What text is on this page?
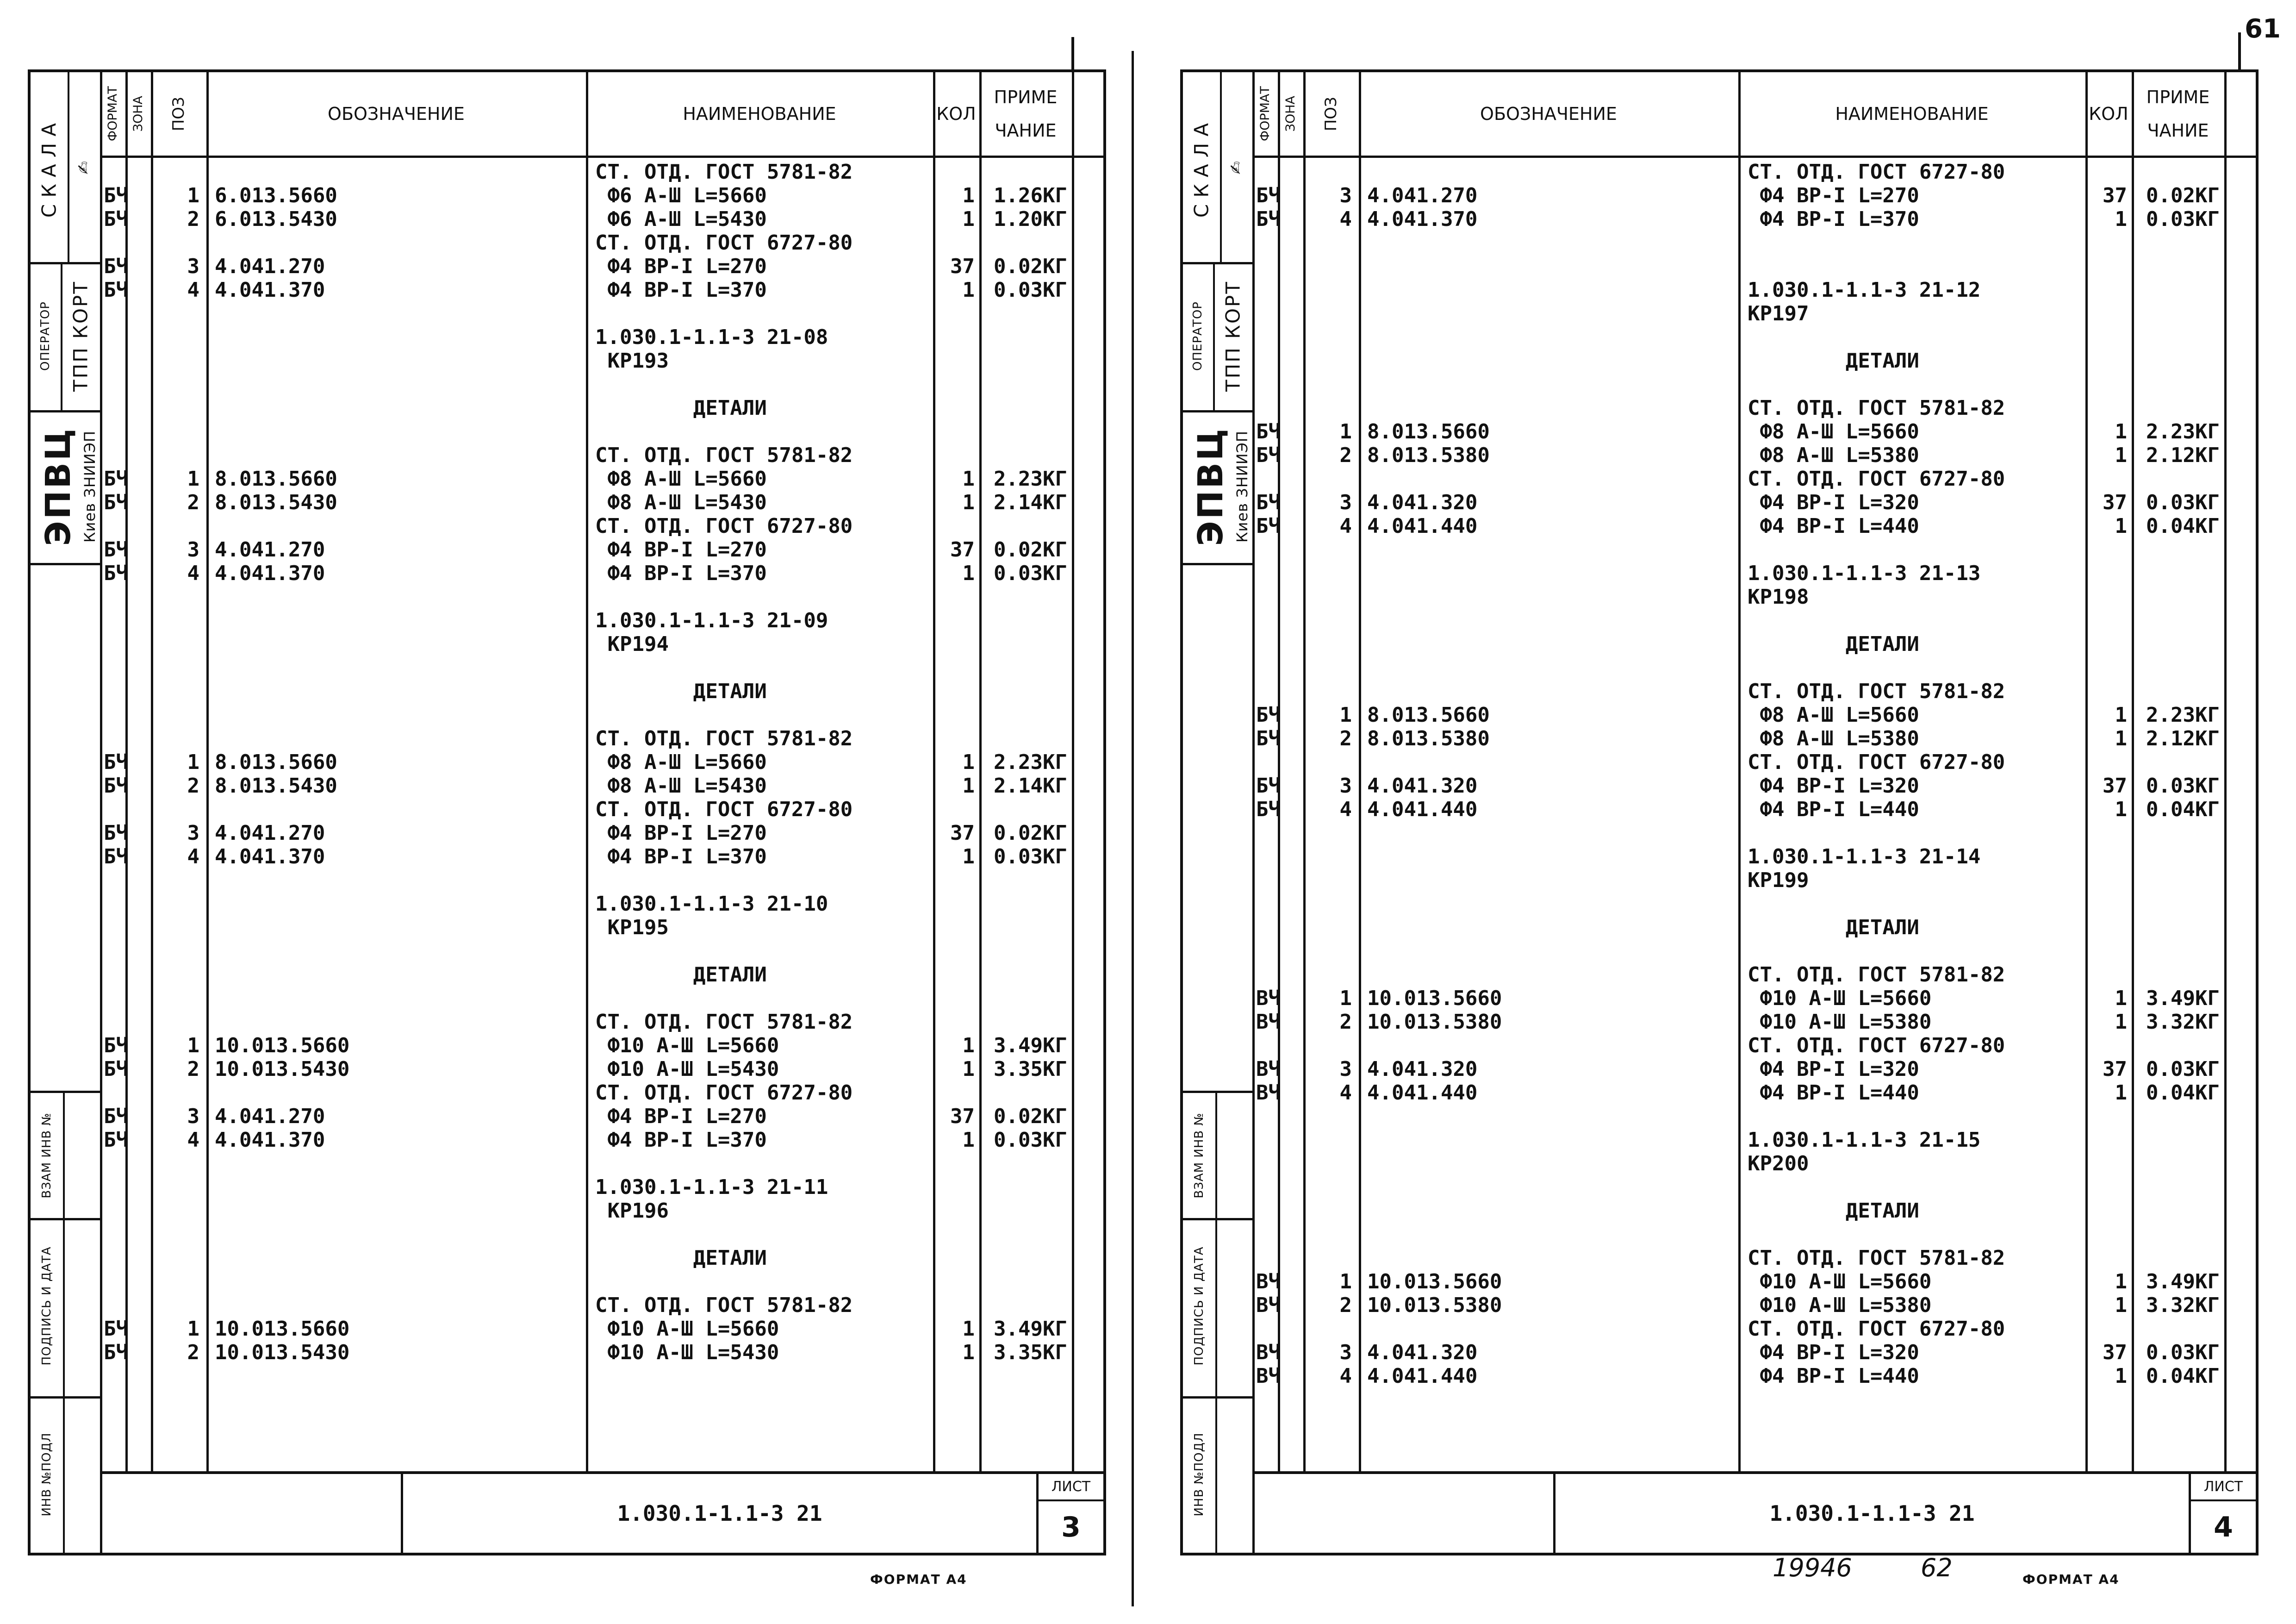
61
СКАЛА ✍
ОПЕРАТОР ТПП КОРТ
ЭПВЦ Киев ЗНИИЭП
ВЗАМ ИНВ №
ПОДПИСЬ И ДАТА
ИНВ №ПОДЛ
ФОРМАТ ЗОНА	ПОЗ	ОБОЗНАЧЕНИЕ	НАИМЕНОВАНИЕ	КОЛ
ПРИМЕ
ЧАНИЕ
СТ. ОТД. ГОСТ 5781-82
БЧ	1 6.013.5660	Ф6 А-Ш L=5660	1 1.26КГ
БЧ	2 6.013.5430	Ф6 А-Ш L=5430	1 1.20КГ
СТ. ОТД. ГОСТ 6727-80
БЧ	3 4.041.270	Ф4 ВР-I L=270	37 0.02КГ
БЧ	4 4.041.370	Ф4 ВР-I L=370	1 0.03КГ
1.030.1-1.1-3 21-08
КР193
ДЕТАЛИ
СТ. ОТД. ГОСТ 5781-82
БЧ	1 8.013.5660	Ф8 А-Ш L=5660	1 2.23КГ
БЧ	2 8.013.5430	Ф8 А-Ш L=5430	1 2.14КГ
СТ. ОТД. ГОСТ 6727-80
БЧ	3 4.041.270	Ф4 ВР-I L=270	37 0.02КГ
БЧ	4 4.041.370	Ф4 ВР-I L=370	1 0.03КГ
1.030.1-1.1-3 21-09
КР194
ДЕТАЛИ
СТ. ОТД. ГОСТ 5781-82
БЧ	1 8.013.5660	Ф8 А-Ш L=5660	1 2.23КГ
БЧ	2 8.013.5430	Ф8 А-Ш L=5430	1 2.14КГ
СТ. ОТД. ГОСТ 6727-80
БЧ	3 4.041.270	Ф4 ВР-I L=270	37 0.02КГ
БЧ	4 4.041.370	Ф4 ВР-I L=370	1 0.03КГ
1.030.1-1.1-3 21-10
КР195
ДЕТАЛИ
СТ. ОТД. ГОСТ 5781-82
БЧ	1 10.013.5660	Ф10 А-Ш L=5660	1 3.49КГ
БЧ	2 10.013.5430	Ф10 А-Ш L=5430	1 3.35КГ
СТ. ОТД. ГОСТ 6727-80
БЧ	3 4.041.270	Ф4 ВР-I L=270	37 0.02КГ
БЧ	4 4.041.370	Ф4 ВР-I L=370	1 0.03КГ
1.030.1-1.1-3 21-11
КР196
ДЕТАЛИ
СТ. ОТД. ГОСТ 5781-82
БЧ	1 10.013.5660	Ф10 А-Ш L=5660	1 3.49КГ
БЧ	2 10.013.5430	Ф10 А-Ш L=5430	1 3.35КГ
1.030.1-1.1-3 21
ЛИСТ
3
ФОРМАТ А4
СКАЛА ✍
ОПЕРАТОР ТПП КОРТ
ЭПВЦ Киев ЗНИИЭП
ВЗАМ ИНВ №
ПОДПИСЬ И ДАТА
ИНВ №ПОДЛ
ФОРМАТ ЗОНА	ПОЗ	ОБОЗНАЧЕНИЕ	НАИМЕНОВАНИЕ	КОЛ
ПРИМЕ
ЧАНИЕ
СТ. ОТД. ГОСТ 6727-80
БЧ	3 4.041.270	Ф4 ВР-I L=270	37 0.02КГ
БЧ	4 4.041.370	Ф4 ВР-I L=370	1 0.03КГ
1.030.1-1.1-3 21-12
КР197
ДЕТАЛИ
СТ. ОТД. ГОСТ 5781-82
БЧ	1 8.013.5660	Ф8 А-Ш L=5660	1 2.23КГ
БЧ	2 8.013.5380	Ф8 А-Ш L=5380	1 2.12КГ
СТ. ОТД. ГОСТ 6727-80
БЧ	3 4.041.320	Ф4 ВР-I L=320	37 0.03КГ
БЧ	4 4.041.440	Ф4 ВР-I L=440	1 0.04КГ
1.030.1-1.1-3 21-13
КР198
ДЕТАЛИ
СТ. ОТД. ГОСТ 5781-82
БЧ	1 8.013.5660	Ф8 А-Ш L=5660	1 2.23КГ
БЧ	2 8.013.5380	Ф8 А-Ш L=5380	1 2.12КГ
СТ. ОТД. ГОСТ 6727-80
БЧ	3 4.041.320	Ф4 ВР-I L=320	37 0.03КГ
БЧ	4 4.041.440	Ф4 ВР-I L=440	1 0.04КГ
1.030.1-1.1-3 21-14
КР199
ДЕТАЛИ
СТ. ОТД. ГОСТ 5781-82
ВЧ	1 10.013.5660	Ф10 А-Ш L=5660	1 3.49КГ
ВЧ	2 10.013.5380	Ф10 А-Ш L=5380	1 3.32КГ
СТ. ОТД. ГОСТ 6727-80
ВЧ	3 4.041.320	Ф4 ВР-I L=320	37 0.03КГ
ВЧ	4 4.041.440	Ф4 ВР-I L=440	1 0.04КГ
1.030.1-1.1-3 21-15
КР200
ДЕТАЛИ
СТ. ОТД. ГОСТ 5781-82
ВЧ	1 10.013.5660	Ф10 А-Ш L=5660	1 3.49КГ
ВЧ	2 10.013.5380	Ф10 А-Ш L=5380	1 3.32КГ
СТ. ОТД. ГОСТ 6727-80
ВЧ	3 4.041.320	Ф4 ВР-I L=320	37 0.03КГ
ВЧ	4 4.041.440	Ф4 ВР-I L=440	1 0.04КГ
1.030.1-1.1-3 21
ЛИСТ
4
19946	62	ФОРМАТ А4
